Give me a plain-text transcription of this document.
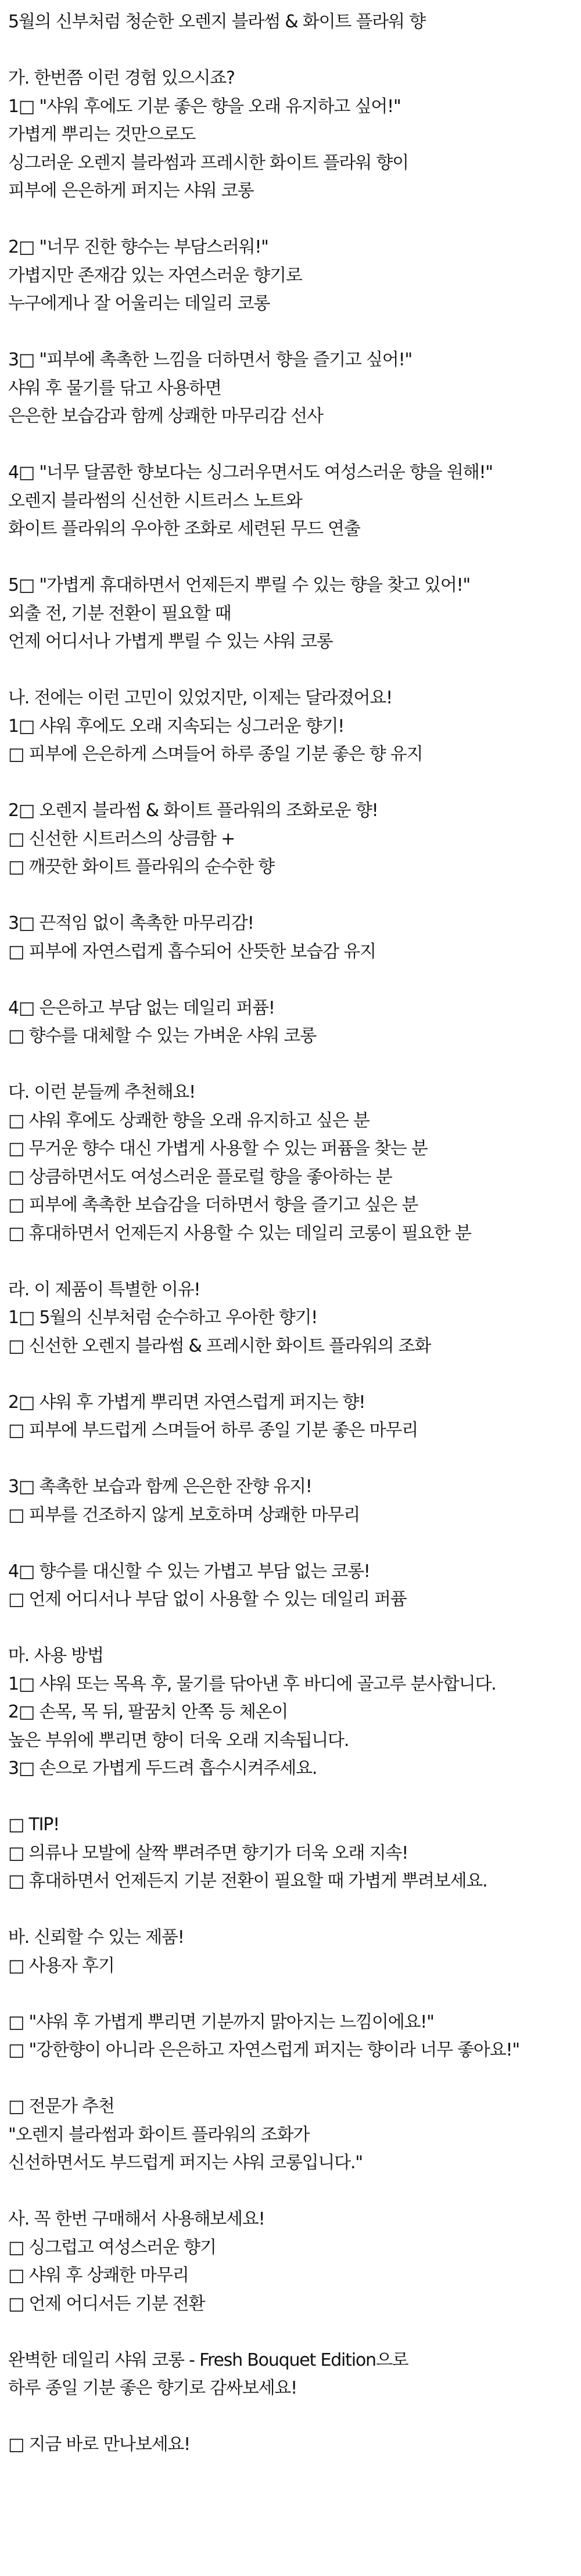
5월의 신부처럼 청순한 오렌지 블라썸 & 화이트 플라워 향
가. 한번쯤 이런 경험 있으시죠?
1□ "샤워 후에도 기분 좋은 향을 오래 유지하고 싶어!"
가볍게 뿌리는 것만으로도
싱그러운 오렌지 블라썸과 프레시한 화이트 플라워 향이
피부에 은은하게 퍼지는 샤워 코롱
2□ "너무 진한 향수는 부담스러워!"
가볍지만 존재감 있는 자연스러운 향기로
누구에게나 잘 어울리는 데일리 코롱
3□ "피부에 촉촉한 느낌을 더하면서 향을 즐기고 싶어!"
샤워 후 물기를 닦고 사용하면
은은한 보습감과 함께 상쾌한 마무리감 선사
4□ "너무 달콤한 향보다는 싱그러우면서도 여성스러운 향을 원해!"
오렌지 블라썸의 신선한 시트러스 노트와
화이트 플라워의 우아한 조화로 세련된 무드 연출
5□ "가볍게 휴대하면서 언제든지 뿌릴 수 있는 향을 찾고 있어!"
외출 전, 기분 전환이 필요할 때
언제 어디서나 가볍게 뿌릴 수 있는 샤워 코롱
나. 전에는 이런 고민이 있었지만, 이제는 달라졌어요!
1□ 샤워 후에도 오래 지속되는 싱그러운 향기!
□ 피부에 은은하게 스며들어 하루 종일 기분 좋은 향 유지
2□ 오렌지 블라썸 & 화이트 플라워의 조화로운 향!
□ 신선한 시트러스의 상큼함 +
□ 깨끗한 화이트 플라워의 순수한 향
3□ 끈적임 없이 촉촉한 마무리감!
□ 피부에 자연스럽게 흡수되어 산뜻한 보습감 유지
4□ 은은하고 부담 없는 데일리 퍼퓸!
□ 향수를 대체할 수 있는 가벼운 샤워 코롱
다. 이런 분들께 추천해요!
□ 샤워 후에도 상쾌한 향을 오래 유지하고 싶은 분
□ 무거운 향수 대신 가볍게 사용할 수 있는 퍼퓸을 찾는 분
□ 상큼하면서도 여성스러운 플로럴 향을 좋아하는 분
□ 피부에 촉촉한 보습감을 더하면서 향을 즐기고 싶은 분
□ 휴대하면서 언제든지 사용할 수 있는 데일리 코롱이 필요한 분
라. 이 제품이 특별한 이유!
1□ 5월의 신부처럼 순수하고 우아한 향기!
□ 신선한 오렌지 블라썸 & 프레시한 화이트 플라워의 조화
2□ 샤워 후 가볍게 뿌리면 자연스럽게 퍼지는 향!
□ 피부에 부드럽게 스며들어 하루 종일 기분 좋은 마무리
3□ 촉촉한 보습과 함께 은은한 잔향 유지!
□ 피부를 건조하지 않게 보호하며 상쾌한 마무리
4□ 향수를 대신할 수 있는 가볍고 부담 없는 코롱!
□ 언제 어디서나 부담 없이 사용할 수 있는 데일리 퍼퓸
마. 사용 방법
1□ 샤워 또는 목욕 후, 물기를 닦아낸 후 바디에 골고루 분사합니다.
2□ 손목, 목 뒤, 팔꿈치 안쪽 등 체온이
높은 부위에 뿌리면 향이 더욱 오래 지속됩니다.
3□ 손으로 가볍게 두드려 흡수시켜주세요.
□ TIP!
□ 의류나 모발에 살짝 뿌려주면 향기가 더욱 오래 지속!
□ 휴대하면서 언제든지 기분 전환이 필요할 때 가볍게 뿌려보세요.
바. 신뢰할 수 있는 제품!
□ 사용자 후기
□ "샤워 후 가볍게 뿌리면 기분까지 맑아지는 느낌이에요!"
□ "강한향이 아니라 은은하고 자연스럽게 퍼지는 향이라 너무 좋아요!"
□ 전문가 추천
"오렌지 블라썸과 화이트 플라워의 조화가
신선하면서도 부드럽게 퍼지는 샤워 코롱입니다."
사. 꼭 한번 구매해서 사용해보세요!
□ 싱그럽고 여성스러운 향기
□ 샤워 후 상쾌한 마무리
□ 언제 어디서든 기분 전환
완벽한 데일리 샤워 코롱 - Fresh Bouquet Edition으로
하루 종일 기분 좋은 향기로 감싸보세요!
□ 지금 바로 만나보세요!
